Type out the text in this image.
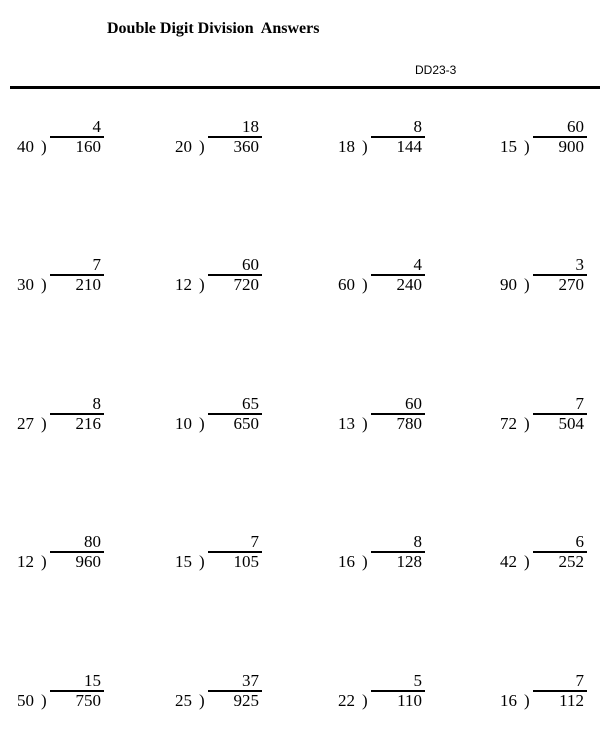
Double Digit Division  Answers
DD23-3
4
40 ) 160
18
20 ) 360
8
18 ) 144
60
15 ) 900
7
30 ) 210
60
12 ) 720
4
60 ) 240
3
90 ) 270
8
27 ) 216
65
10 ) 650
60
13 ) 780
7
72 ) 504
80
12 ) 960
7
15 ) 105
8
16 ) 128
6
42 ) 252
15
50 ) 750
37
25 ) 925
5
22 ) 110
7
16 ) 112
